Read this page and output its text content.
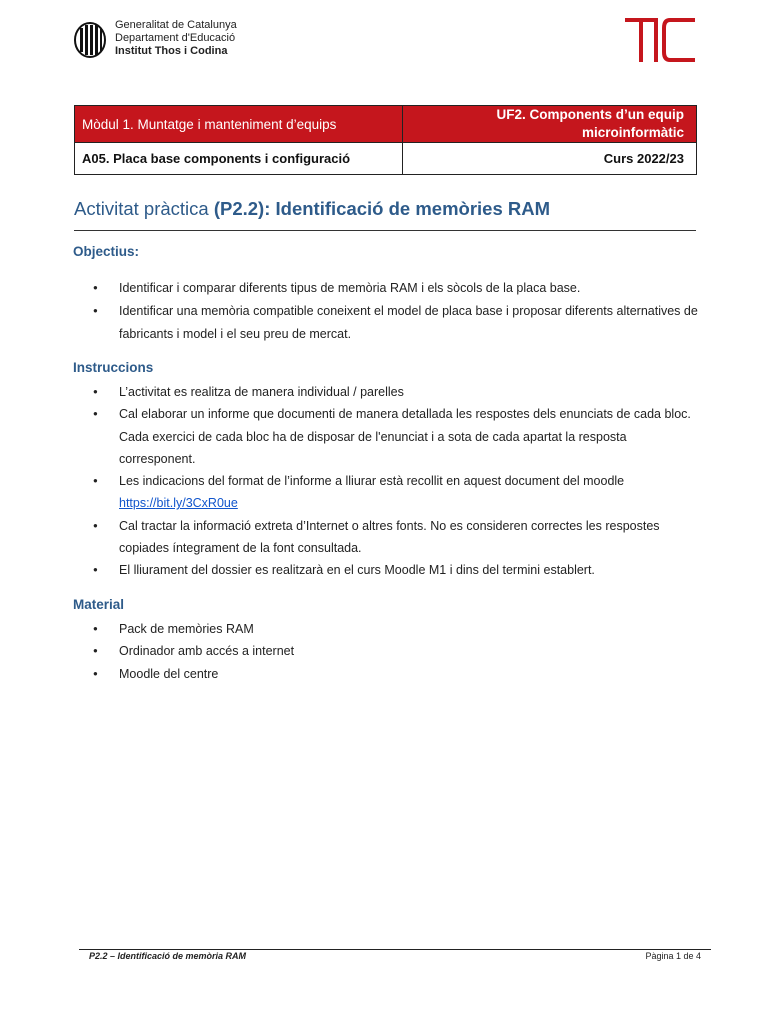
Generalitat de Catalunya
Departament d'Educació
Institut Thos i Codina
Mòdul 1. Muntatge i manteniment d’equips	UF2. Components d’un equip
microinformàtic

A05. Placa base components i configuració	Curs 2022/23
Activitat pràctica (P2.2): Identificació de memòries RAM
Objectius:
● Identificar i comparar diferents tipus de memòria RAM i els sòcols de la placa base.
● Identificar una memòria compatible coneixent el model de placa base i proposar diferents alternatives de fabricants i model i el seu preu de mercat.
Instruccions
● L’activitat es realitza de manera individual / parelles
● Cal elaborar un informe que documenti de manera detallada les respostes dels enunciats de cada bloc. Cada exercici de cada bloc ha de disposar de l'enunciat i a sota de cada apartat la resposta corresponent.
● Les indicacions del format de l’informe a lliurar està recollit en aquest document del moodle
https://bit.ly/3CxR0ue
● Cal tractar la informació extreta d’Internet o altres fonts. No es consideren correctes les respostes copiades íntegrament de la font consultada.
● El lliurament del dossier es realitzarà en el curs Moodle M1 i dins del termini establert.
Material
● Pack de memòries RAM
● Ordinador amb accés a internet
● Moodle del centre
P2.2 – Identificació de memòria RAM	Pàgina 1 de 4
